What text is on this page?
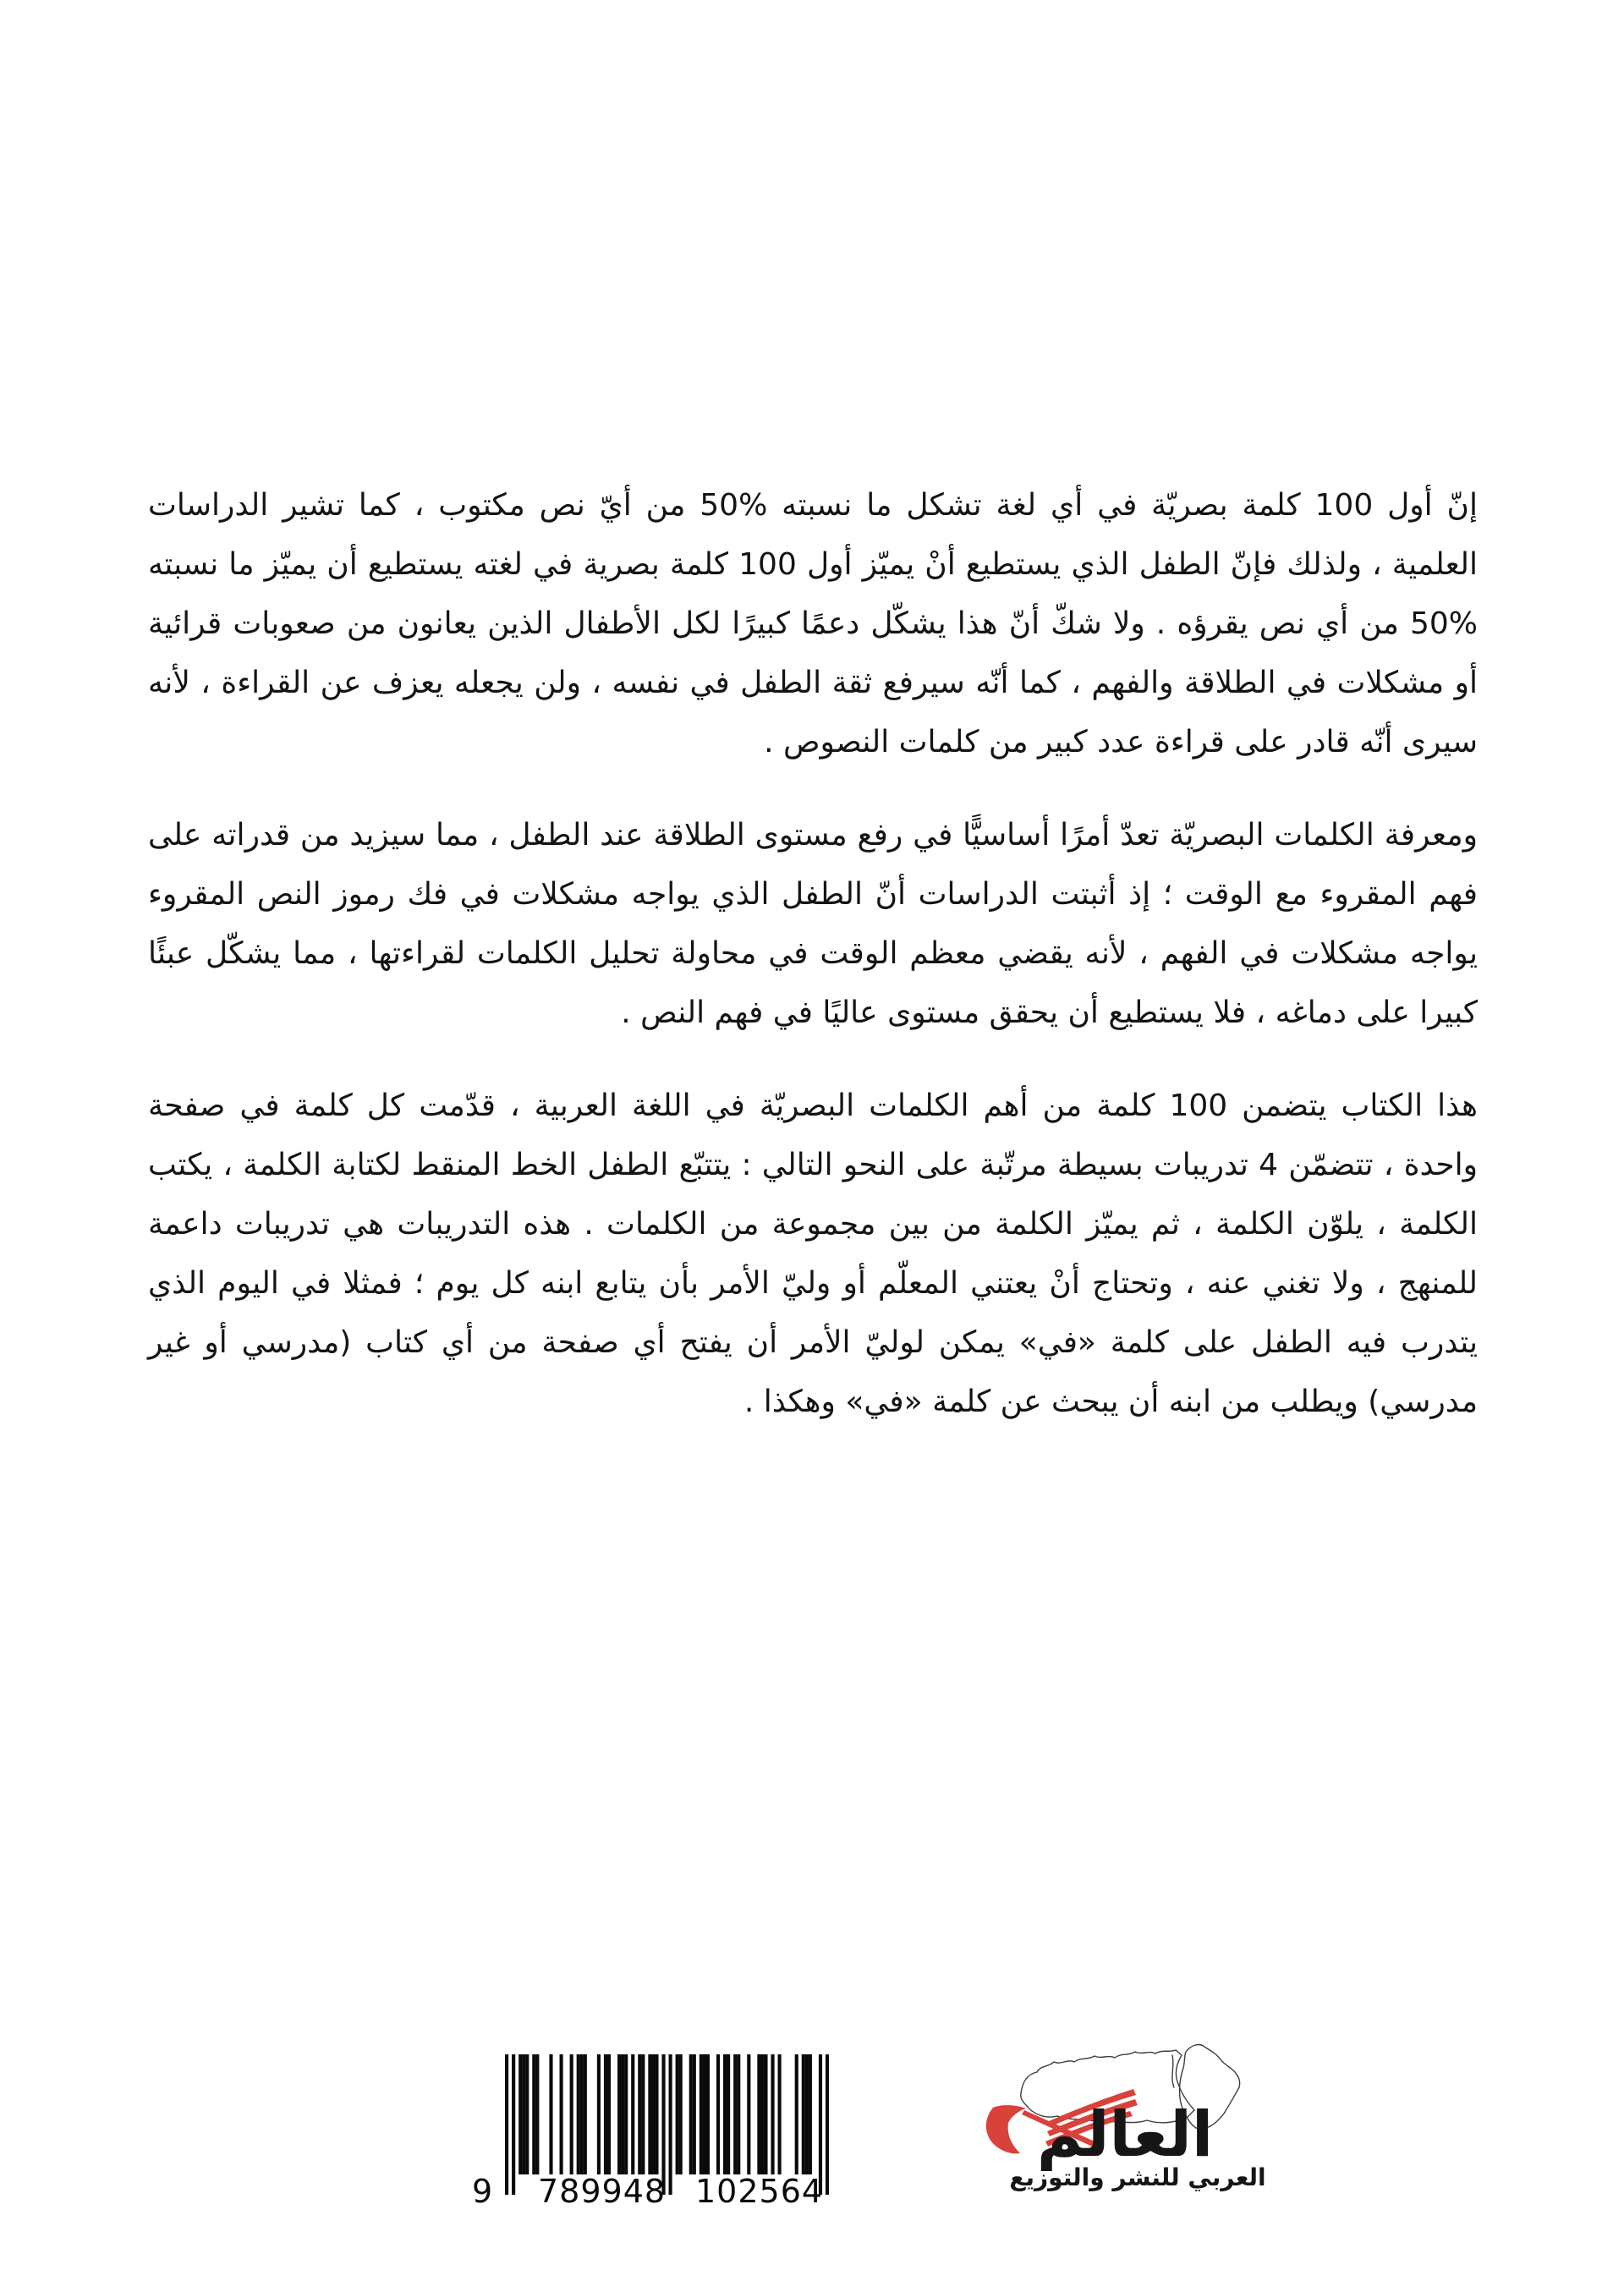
إنّ أول 100 كلمة بصريّة في أي لغة تشكل ما نسبته %50 من أيّ نص مكتوب ، كما تشير الدراسات العلمية ، ولذلك فإنّ الطفل الذي يستطيع أنْ يميّز أول 100 كلمة بصرية في لغته يستطيع أن يميّز ما نسبته %50 من أي نص يقرؤه . ولا شكّ أنّ هذا يشكّل دعمًا كبيرًا لكل الأطفال الذين يعانون من صعوبات قرائية أو مشكلات في الطلاقة والفهم ، كما أنّه سيرفع ثقة الطفل في نفسه ، ولن يجعله يعزف عن القراءة ، لأنه سيرى أنّه قادر على قراءة عدد كبير من كلمات النصوص .

ومعرفة الكلمات البصريّة تعدّ أمرًا أساسيًّا في رفع مستوى الطلاقة عند الطفل ، مما سيزيد من قدراته على فهم المقروء مع الوقت ؛ إذ أثبتت الدراسات أنّ الطفل الذي يواجه مشكلات في فك رموز النص المقروء يواجه مشكلات في الفهم ، لأنه يقضي معظم الوقت في محاولة تحليل الكلمات لقراءتها ، مما يشكّل عبئًا كبيرا على دماغه ، فلا يستطيع أن يحقق مستوى عاليًا في فهم النص .

هذا الكتاب يتضمن 100 كلمة من أهم الكلمات البصريّة في اللغة العربية ، قدّمت كل كلمة في صفحة واحدة ، تتضمّن 4 تدريبات بسيطة مرتّبة على النحو التالي : يتتبّع الطفل الخط المنقط لكتابة الكلمة ، يكتب الكلمة ، يلوّن الكلمة ، ثم يميّز الكلمة من بين مجموعة من الكلمات . هذه التدريبات هي تدريبات داعمة للمنهج ، ولا تغني عنه ، وتحتاج أنْ يعتني المعلّم أو وليّ الأمر بأن يتابع ابنه كل يوم ؛ فمثلا في اليوم الذي يتدرب فيه الطفل على كلمة «في» يمكن لوليّ الأمر أن يفتح أي صفحة من أي كتاب (مدرسي أو غير مدرسي) ويطلب من ابنه أن يبحث عن كلمة «في» وهكذا .

9 789948 102564
العالم
العربي للنشر والتوزيع
